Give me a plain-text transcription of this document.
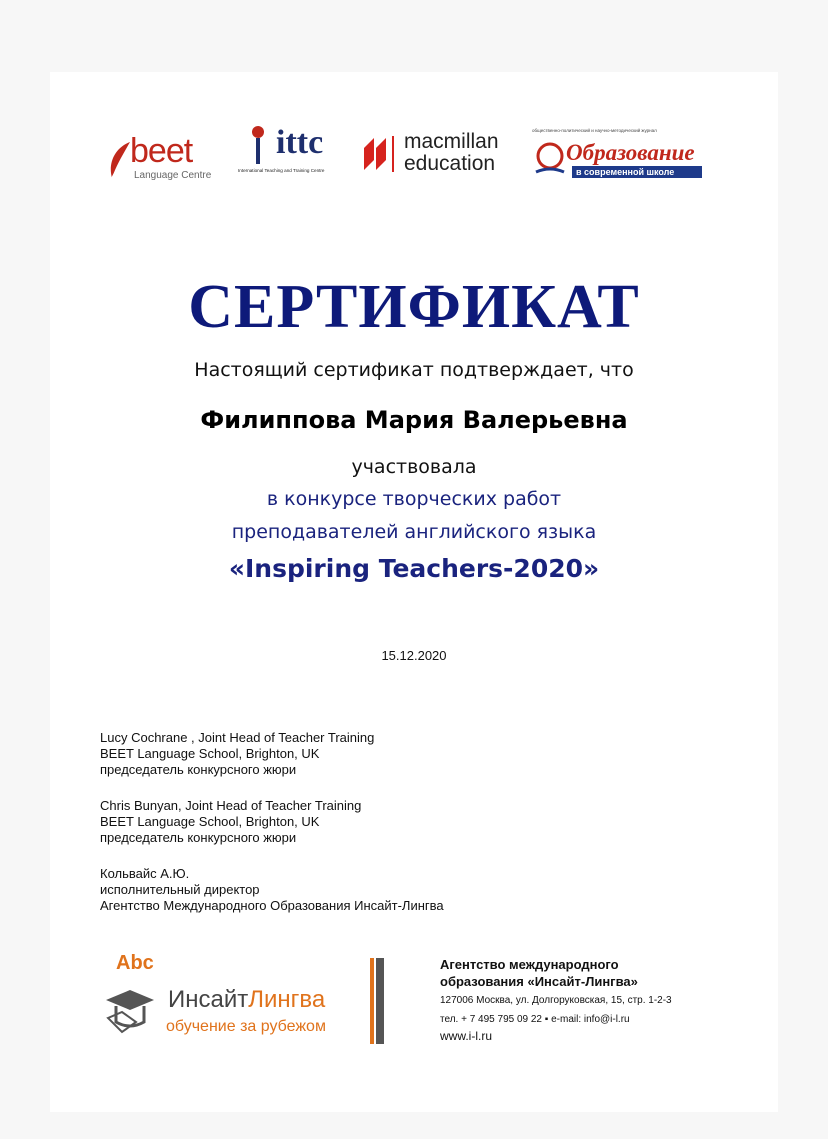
beet
Language Centre
ittc
International Teaching and Training Centre
macmillan
education
общественно-политический и научно-методический журнал
Образование
в современной школе
СЕРТИФИКАТ
Настоящий сертификат подтверждает, что
Филиппова Мария Валерьевна
участвовала
в конкурсе творческих работ
преподавателей английского языка
«Inspiring Teachers-2020»
15.12.2020
Lucy Cochrane , Joint Head of Teacher Training
BEET Language School, Brighton, UK
председатель конкурсного жюри
Chris Bunyan, Joint Head of Teacher Training
BEET Language School, Brighton, UK
председатель конкурсного жюри
Кольвайс А.Ю.
исполнительный директор
Агентство Международного Образования Инсайт-Лингва
Abc
ИнсайтЛингва
обучение за рубежом
Агентство международного
образования «Инсайт-Лингва»
127006 Москва, ул. Долгоруковская, 15, стр. 1-2-3
тел. + 7 495 795 09 22 ▪ e-mail: info@i-l.ru
www.i-l.ru
